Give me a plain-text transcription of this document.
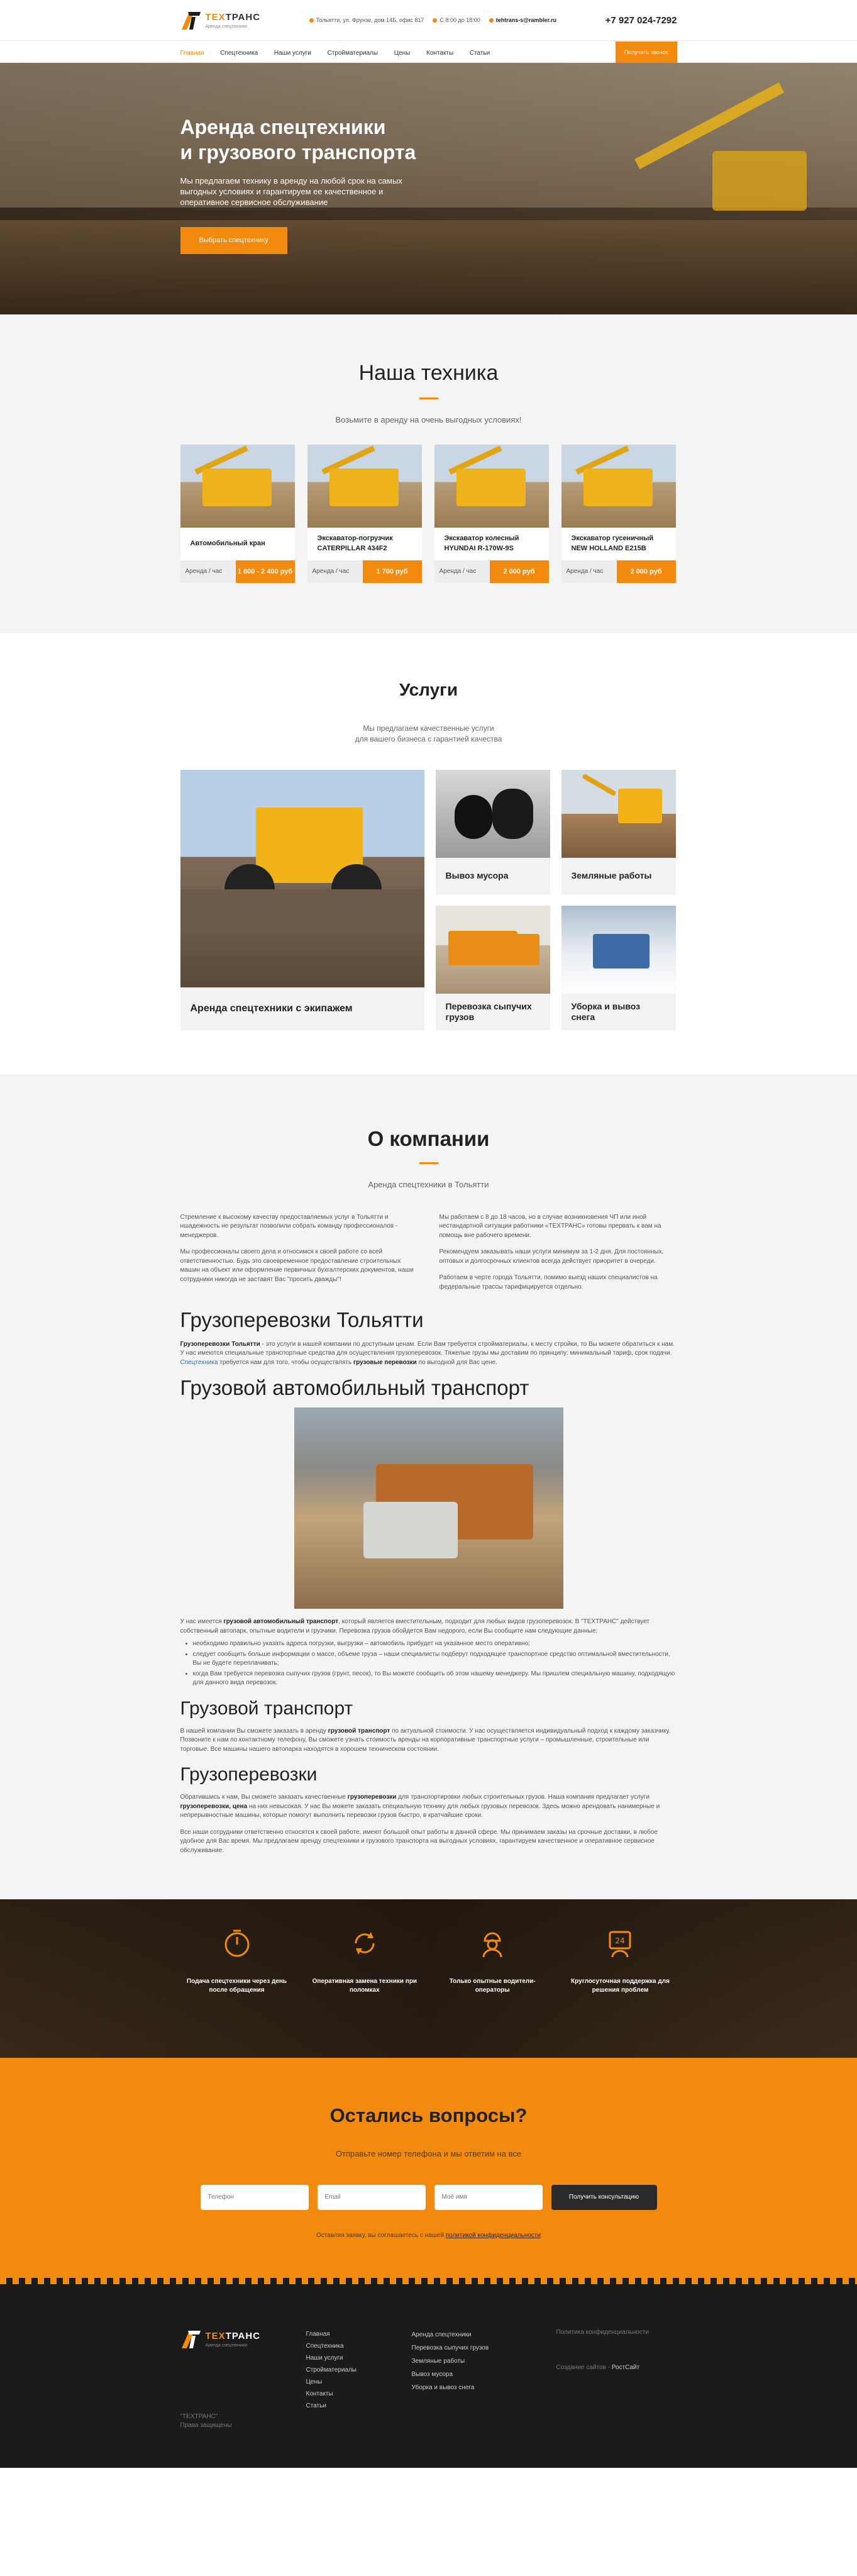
ТЕХТРАНС
Аренда спецтехники
Тольятти, ул. Фрунзе, дом 14Б, офис 817	С 8:00 до 18:00	tehtrans-s@rambler.ru	+7 927 024-7292
Главная	Спецтехника	Наши услуги	Стройматериалы	Цены	Контакты	Статьи	Получить звонок
Аренда спецтехники
и грузового транспорта

Мы предлагаем технику в аренду на любой срок на самых выгодных условиях и гарантируем ее качественное и оперативное сервисное обслуживание

Выбрать спецтехнику
Наша техника
Возьмите в аренду на очень выгодных условиях!
Автомобильный кран
Аренда / час	1 800 - 2 400 руб
Экскаватор-погрузчик CATERPILLAR 434F2
Аренда / час	1 700 руб
Экскаватор колесный HYUNDAI R-170W-9S
Аренда / час	2 000 руб
Экскаватор гусеничный NEW HOLLAND E215B
Аренда / час	2 000 руб
Услуги
Мы предлагаем качественные услуги
для вашего бизнеса с гарантией качества
Аренда спецтехники с экипажем
Вывоз мусора	Земляные работы
Перевозка сыпучих грузов
Уборка и вывоз снега
О компании
Аренда спецтехники в Тольятти

Стремление к высокому качеству предоставляемых услуг в Тольятти и ншадежность не результат позволили собрать команду профессионалов - менеджеров.

Мы профессионалы своего дела и относимся к своей работе со всей ответственностью. Будь это своевременное предоставление строительных машин на объект или оформление первичных бухгалтерских документов, наши сотрудники никогда не заставят Вас "просить дважды"!

Мы работаем с 8 до 18 часов, но в случае возникновения ЧП или иной нестандартной ситуации работники «ТЕХТРАНС» готовы прервать к вам на помощь вне рабочего времени.

Рекомендуем заказывать наши услуги минимум за 1-2 дня. Для постоянных, оптовых и долгосрочных клиентов всегда действует приоритет в очереди.

Работаем в черте города Тольятти, помимо выезд наших специалистов на федеральные трассы тарифицируется отдельно.

Грузоперевозки Тольятти

Грузоперевозки Тольятти - это услуги в нашей компании по доступным ценам. Если Вам требуется стройматериалы, к месту стройки, то Вы можете обратиться к нам. У нас имеются специальные транспортные средства для осуществления грузоперевозок. Тяжелые грузы мы доставим по принципу: минимальный тариф, срок подачи. Спецтехника требуется нам для того, чтобы осуществлять грузовые перевозки по выгодной для Вас цене.

Грузовой автомобильный транспорт

У нас имеется грузовой автомобильный транспорт, который является вместительным, подходит для любых видов грузоперевозок. В "ТЕХТРАНС" действует собственный автопарк, опытные водители и грузчики. Перевозка грузов обойдется Вам недорого, если Вы сообщите нам следующие данные:

• необходимо правильно указать адреса погрузки, выгрузки – автомобиль прибудет на указанное место оперативно;
• следует сообщить больше информации о массе, объеме груза – наши специалисты подберут подходящее транспортное средство оптимальной вместительности, Вы не будете переплачивать;
• когда Вам требуется перевозка сыпучих грузов (грунт, песок), то Вы можете сообщить об этом нашему менеджеру. Мы пришлем специальную машину, подходящую для данного вида перевозок.
Грузовой транспорт

В нашей компании Вы сможете заказать в аренду грузовой транспорт по актуальной стоимости. У нас осуществляется индивидуальный подход к каждому заказчику. Позвоните к нам по контактному телефону, Вы сможете узнать стоимость аренды на корпоративные транспортные услуги – промышленные, строительные или торговые. Все машины нашего автопарка находятся в хорошем техническом состоянии.

Грузоперевозки

Обратившись к нам, Вы сможете заказать качественные грузоперевозки для транспортировки любых строительных грузов. Наша компания предлагает услуги грузоперевозки, цена на них невысокая. У нас Вы можете заказать специальную технику для любых грузовых перевозок. Здесь можно арендовать нанимерные и непрерывностные машины, которые помогут выполнить перевозки грузов быстро, в кратчайшие сроки.

Все наши сотрудники ответственно относятся к своей работе, имеют большой опыт работы в данной сфере. Мы принимаем заказы на срочные доставки, в любое удобное для Вас время. Мы предлагаем аренду спецтехники и грузового транспорта на выгодных условиях, гарантируем качественное и оперативное сервисное обслуживание.

Подача спецтехники через день после обращения
Оперативная замена техники при поломках
Только опытные водители-операторы
24
Круглосуточная поддержка для решения проблем
Остались вопросы?
Отправьте номер телефона и мы ответим на все
Телефон
Email
Моё имя
Получить консультацию
Оставляя заявку, вы соглашаетесь с нашей политикой конфиденциальности
ТЕХТРАНС
Аренда спецтехники
"ТЕХТРАНС"
Права защищены
Главная
Спецтехника
Наши услуги
Стройматериалы
Цены
Контакты
Статьи
Аренда спецтехники
Перевозка сыпучих грузов
Земляные работы
Вывоз мусора
Уборка и вывоз снега
Политика конфиденциальности
Создание сайтов - РостСайт
